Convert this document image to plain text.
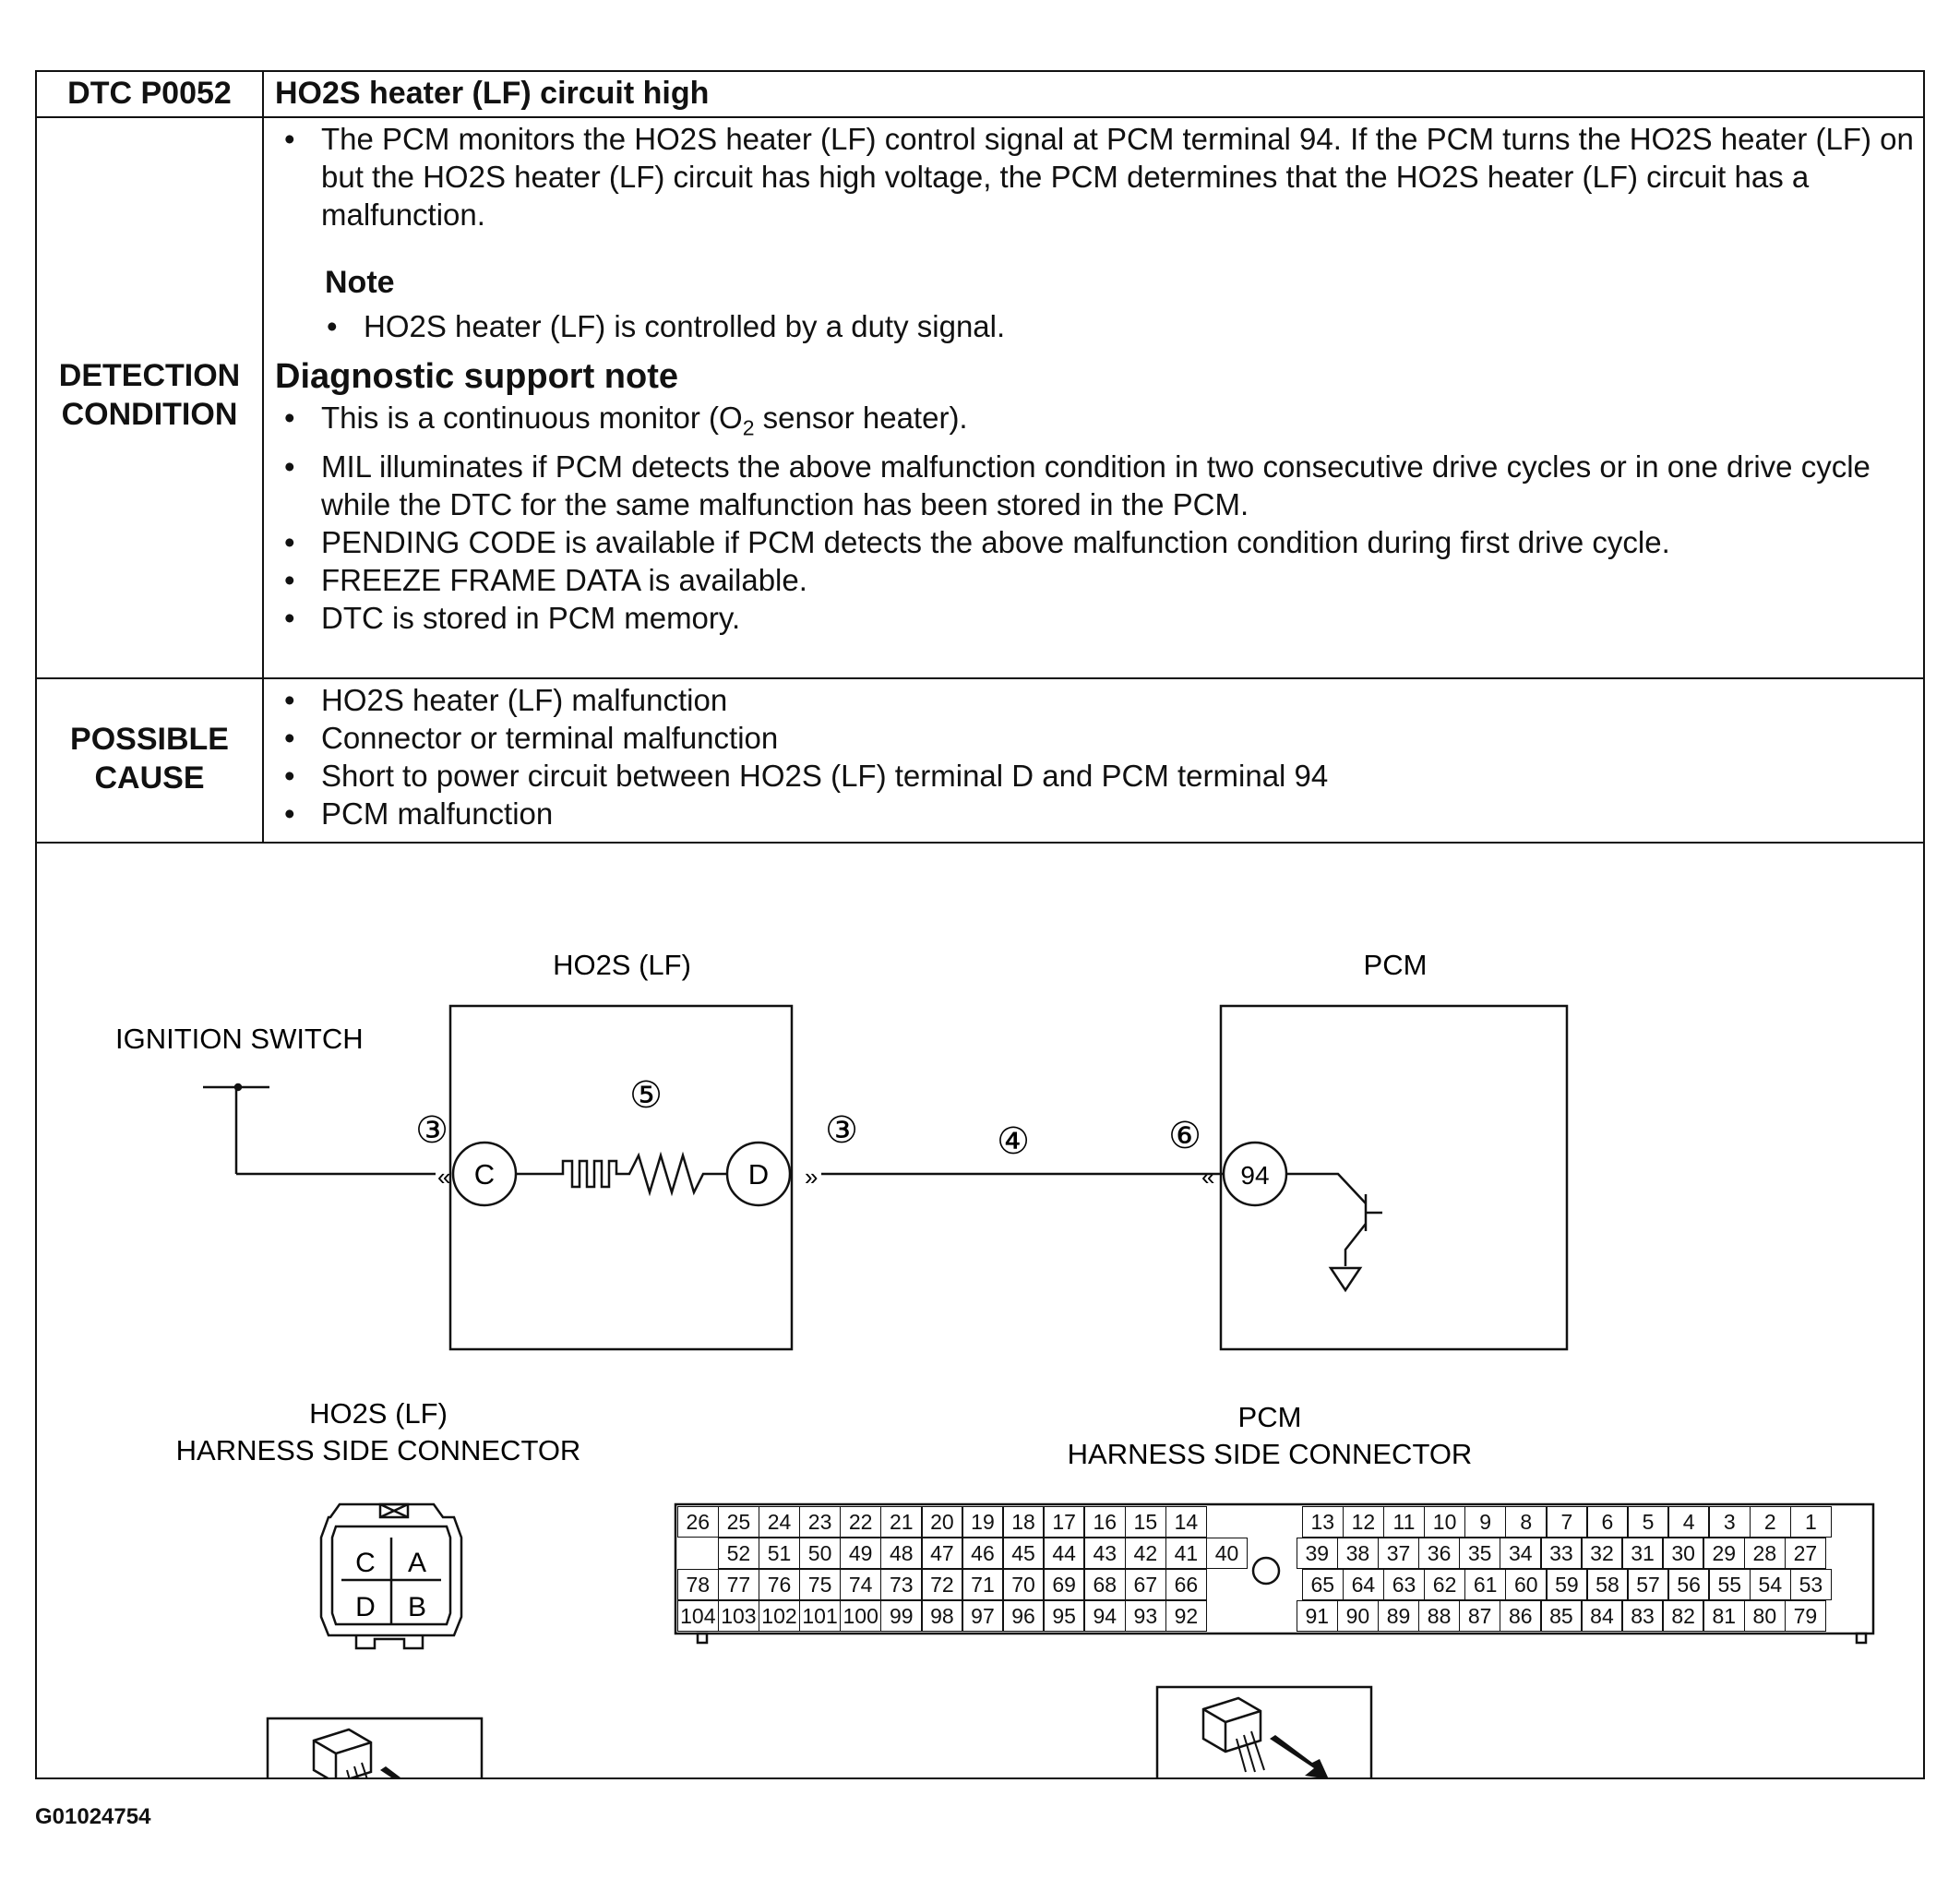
DTC P0052	HO2S heater (LF) circuit high
DETECTION
CONDITION
• The PCM monitors the HO2S heater (LF) control signal at PCM terminal 94. If the PCM turns the HO2S heater (LF) on but the HO2S heater (LF) circuit has high voltage, the PCM determines that the HO2S heater (LF) circuit has a malfunction.
Note
• HO2S heater (LF) is controlled by a duty signal.
Diagnostic support note
• This is a continuous monitor ($O_2$ sensor heater).
• MIL illuminates if PCM detects the above malfunction condition in two consecutive drive cycles or in one drive cycle while the DTC for the same malfunction has been stored in the PCM.
• PENDING CODE is available if PCM detects the above malfunction condition during first drive cycle.
• FREEZE FRAME DATA is available.
• DTC is stored in PCM memory.
POSSIBLE
CAUSE
• HO2S heater (LF) malfunction
• Connector or terminal malfunction
• Short to power circuit between HO2S (LF) terminal D and PCM terminal 94
• PCM malfunction
HO2S (LF)	PCM
IGNITION SWITCH
«	»	«
C	D	94
③
⑤
③	④	⑥
HO2S (LF)
HARNESS SIDE CONNECTOR
PCM
HARNESS SIDE CONNECTOR
C A
D B
26 25 24 23 22 21 20 19 18 17 16 15 14	13 12 11 10	9	8	7	6	5	4	3	2	1
52 51 50 49 48 47 46 45 44 43 42 41 40	39 38 37 36 35 34 33 32 31 30 29 28 27
78 77 76 75 74 73 72 71 70 69 68 67 66	65 64 63 62 61 60 59 58 57 56 55 54 53
104 103 102 101 100 99 98 97 96 95 94 93 92	91 90 89 88 87 86 85 84 83 82 81 80 79
G01024754
